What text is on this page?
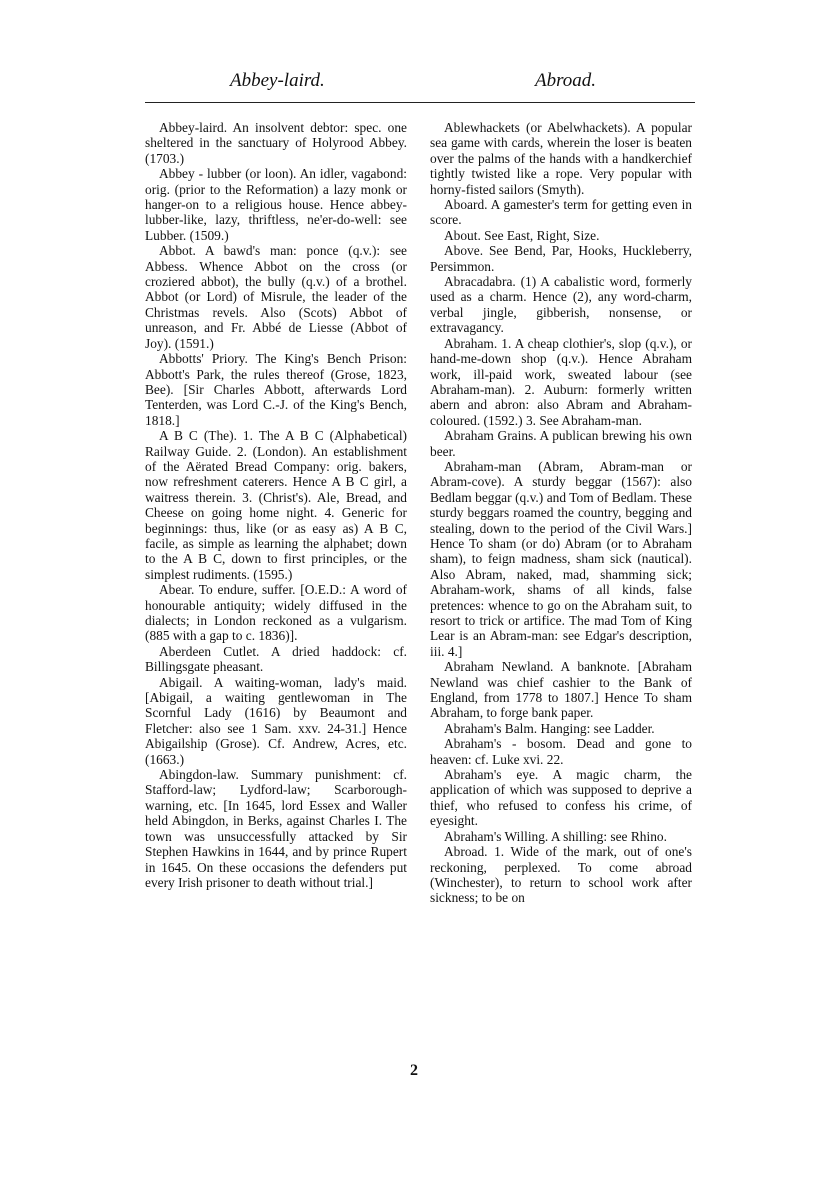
Abbey-laird.	Abroad.

Abbey-laird. An insolvent debtor: spec. one sheltered in the sanctuary of Holyrood Abbey. (1703.)

Abbey - lubber (or loon). An idler, vagabond: orig. (prior to the Reformation) a lazy monk or hanger-on to a religious house. Hence abbey-lubber-like, lazy, thriftless, ne'er-do-well: see Lubber. (1509.)

Abbot. A bawd's man: ponce (q.v.): see Abbess. Whence Abbot on the cross (or croziered abbot), the bully (q.v.) of a brothel. Abbot (or Lord) of Misrule, the leader of the Christmas revels. Also (Scots) Abbot of unreason, and Fr. Abbé de Liesse (Abbot of Joy). (1591.)

Abbotts' Priory. The King's Bench Prison: Abbott's Park, the rules thereof (Grose, 1823, Bee). [Sir Charles Abbott, afterwards Lord Tenterden, was Lord C.-J. of the King's Bench, 1818.]

A B C (The). 1. The A B C (Alphabetical) Railway Guide. 2. (London). An establishment of the Aërated Bread Company: orig. bakers, now refreshment caterers. Hence A B C girl, a waitress therein. 3. (Christ's). Ale, Bread, and Cheese on going home night. 4. Generic for beginnings: thus, like (or as easy as) A B C, facile, as simple as learning the alphabet; down to the A B C, down to first principles, or the simplest rudiments. (1595.)

Abear. To endure, suffer. [O.E.D.: A word of honourable antiquity; widely diffused in the dialects; in London reckoned as a vulgarism. (885 with a gap to c. 1836)].

Aberdeen Cutlet. A dried haddock: cf. Billingsgate pheasant.

Abigail. A waiting-woman, lady's maid. [Abigail, a waiting gentlewoman in The Scornful Lady (1616) by Beaumont and Fletcher: also see 1 Sam. xxv. 24-31.] Hence Abigailship (Grose). Cf. Andrew, Acres, etc. (1663.)

Abingdon-law. Summary punishment: cf. Stafford-law; Lydford-law; Scarborough-warning, etc. [In 1645, lord Essex and Waller held Abingdon, in Berks, against Charles I. The town was unsuccessfully attacked by Sir Stephen Hawkins in 1644, and by prince Rupert in 1645. On these occasions the defenders put every Irish prisoner to death without trial.]

Ablewhackets (or Abelwhackets). A popular sea game with cards, wherein the loser is beaten over the palms of the hands with a handkerchief tightly twisted like a rope. Very popular with horny-fisted sailors (Smyth).

Aboard. A gamester's term for getting even in score.

About. See East, Right, Size.

Above. See Bend, Par, Hooks, Huckleberry, Persimmon.

Abracadabra. (1) A cabalistic word, formerly used as a charm. Hence (2), any word-charm, verbal jingle, gibberish, nonsense, or extravagancy.

Abraham. 1. A cheap clothier's, slop (q.v.), or hand-me-down shop (q.v.). Hence Abraham work, ill-paid work, sweated labour (see Abraham-man). 2. Auburn: formerly written abern and abron: also Abram and Abraham-coloured. (1592.) 3. See Abraham-man.

Abraham Grains. A publican brewing his own beer.

Abraham-man (Abram, Abram-man or Abram-cove). A sturdy beggar (1567): also Bedlam beggar (q.v.) and Tom of Bedlam. These sturdy beggars roamed the country, begging and stealing, down to the period of the Civil Wars.] Hence To sham (or do) Abram (or to Abraham sham), to feign madness, sham sick (nautical). Also Abram, naked, mad, shamming sick; Abraham-work, shams of all kinds, false pretences: whence to go on the Abraham suit, to resort to trick or artifice. The mad Tom of King Lear is an Abram-man: see Edgar's description, iii. 4.]

Abraham Newland. A banknote. [Abraham Newland was chief cashier to the Bank of England, from 1778 to 1807.] Hence To sham Abraham, to forge bank paper.

Abraham's Balm. Hanging: see Ladder.

Abraham's - bosom. Dead and gone to heaven: cf. Luke xvi. 22.

Abraham's eye. A magic charm, the application of which was supposed to deprive a thief, who refused to confess his crime, of eyesight.

Abraham's Willing. A shilling: see Rhino.

Abroad. 1. Wide of the mark, out of one's reckoning, perplexed. To come abroad (Winchester), to return to school work after sickness; to be on

2
